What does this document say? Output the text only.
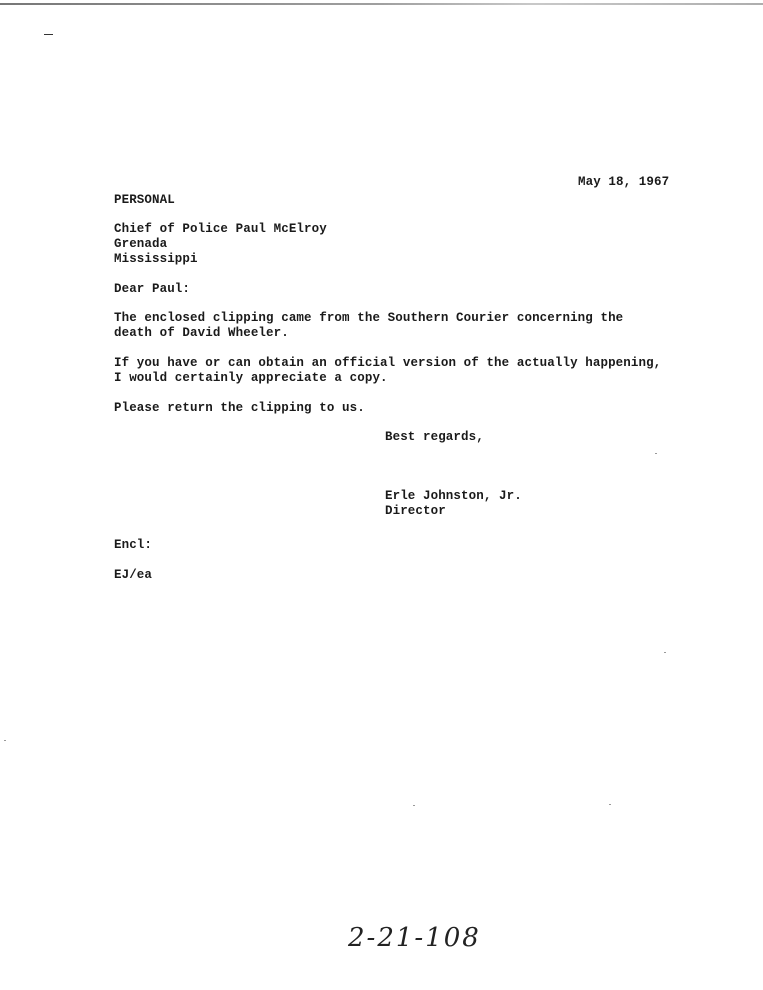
May 18, 1967
PERSONAL
Chief of Police Paul McElroy
Grenada
Mississippi
Dear Paul:
The enclosed clipping came from the Southern Courier concerning the
death of David Wheeler.
If you have or can obtain an official version of the actually happening,
I would certainly appreciate a copy.
Please return the clipping to us.
Best regards,
Erle Johnston, Jr.
Director
Encl:
EJ/ea
2-21-108
